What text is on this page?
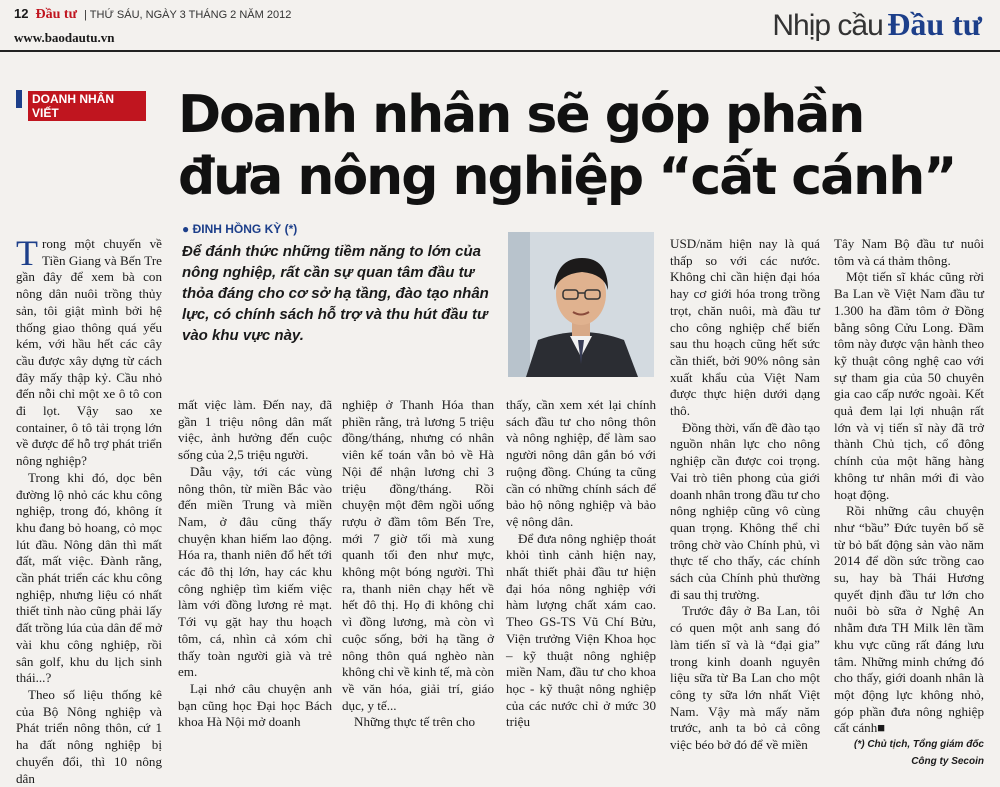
12 Đầu tư | THỨ SÁU, NGÀY 3 THÁNG 2 NĂM 2012
www.baodautu.vn	Nhịp cầu Đầu tư
DOANH NHÂN VIẾT	Doanh nhân sẽ góp phần
đưa nông nghiệp “cất cánh”
● ĐINH HỒNG KỲ (*)
Để đánh thức những tiềm năng to lớn của nông nghiệp, rất cần sự quan tâm đầu tư thỏa đáng cho cơ sở hạ tầng, đào tạo nhân lực, có chính sách hỗ trợ và thu hút đầu tư vào khu vực này.

Trong một chuyến về Tiền Giang và Bến Tre gần đây để xem bà con nông dân nuôi trồng thủy sản, tôi giật mình bởi hệ thống giao thông quá yếu kém, với hầu hết các cây cầu được xây dựng từ cách đây mấy thập kỷ. Cầu nhỏ đến nỗi chỉ một xe ô tô con đi lọt. Vậy sao xe container, ô tô tải trọng lớn về được để hỗ trợ phát triển nông nghiệp?

Trong khi đó, dọc bên đường lộ nhỏ các khu công nghiệp, trong đó, không ít khu đang bỏ hoang, cỏ mọc lút đầu. Nông dân thì mất đất, mất việc. Đành rằng, cần phát triển các khu công nghiệp, nhưng liệu có nhất thiết tỉnh nào cũng phải lấy đất trồng lúa của dân để mở vài khu công nghiệp, rồi sân golf, khu du lịch sinh thái...?

Theo số liệu thống kê của Bộ Nông nghiệp và Phát triển nông thôn, cứ 1 ha đất nông nghiệp bị chuyển đổi, thì 10 nông dân

mất việc làm. Đến nay, đã gần 1 triệu nông dân mất việc, ảnh hưởng đến cuộc sống của 2,5 triệu người.

Dẫu vậy, tới các vùng nông thôn, từ miền Bắc vào đến miền Trung và miền Nam, ở đâu cũng thấy chuyện khan hiếm lao động. Hóa ra, thanh niên đổ hết tới các đô thị lớn, hay các khu công nghiệp tìm kiếm việc làm với đồng lương rẻ mạt. Tới vụ gặt hay thu hoạch tôm, cá, nhìn cả xóm chỉ thấy toàn người già và trẻ em.

Lại nhớ câu chuyện anh bạn cũng học Đại học Bách khoa Hà Nội mở doanh

nghiệp ở Thanh Hóa than phiền rằng, trả lương 5 triệu đồng/tháng, nhưng có nhân viên kế toán vẫn bỏ về Hà Nội để nhận lương chỉ 3 triệu đồng/tháng. Rồi chuyện một đêm ngồi uống rượu ở đầm tôm Bến Tre, mới 7 giờ tối mà xung quanh tối đen như mực, không một bóng người. Thì ra, thanh niên chạy hết về hết đô thị. Họ đi không chỉ vì đồng lương, mà còn vì cuộc sống, bởi hạ tầng ở nông thôn quá nghèo nàn không chỉ về kinh tế, mà còn về văn hóa, giải trí, giáo dục, y tế...

Những thực tế trên cho

thấy, cần xem xét lại chính sách đầu tư cho nông thôn và nông nghiệp, để làm sao người nông dân gắn bó với ruộng đồng. Chúng ta cũng cần có những chính sách để bảo hộ nông nghiệp và bảo vệ nông dân.

Để đưa nông nghiệp thoát khỏi tình cảnh hiện nay, nhất thiết phải đầu tư hiện đại hóa nông nghiệp với hàm lượng chất xám cao. Theo GS-TS Vũ Chí Bửu, Viện trưởng Viện Khoa học – kỹ thuật nông nghiệp miền Nam, đầu tư cho khoa học - kỹ thuật nông nghiệp của các nước chỉ ở mức 30 triệu

USD/năm hiện nay là quá thấp so với các nước. Không chỉ cần hiện đại hóa hay cơ giới hóa trong trồng trọt, chăn nuôi, mà đầu tư cho công nghiệp chế biến sau thu hoạch cũng hết sức cần thiết, bởi 90% nông sản xuất khẩu của Việt Nam được thực hiện dưới dạng thô.

Đồng thời, vấn đề đào tạo nguồn nhân lực cho nông nghiệp cần được coi trọng. Vai trò tiên phong của giới doanh nhân trong đầu tư cho nông nghiệp cũng vô cùng quan trọng. Không thể chỉ trông chờ vào Chính phủ, vì thực tế cho thấy, các chính sách của Chính phủ thường đi sau thị trường.

Trước đây ở Ba Lan, tôi có quen một anh sang đó làm tiến sĩ và là “đại gia” trong kinh doanh nguyên liệu sữa từ Ba Lan cho một công ty sữa lớn nhất Việt Nam. Vậy mà mấy năm trước, anh ta bỏ cả công việc béo bở đó để về miền

Tây Nam Bộ đầu tư nuôi tôm và cá thảm thông.

Một tiến sĩ khác cũng rời Ba Lan về Việt Nam đầu tư 1.300 ha đầm tôm ở Đồng bằng sông Cửu Long. Đầm tôm này được vận hành theo kỹ thuật công nghệ cao với sự tham gia của 50 chuyên gia cao cấp nước ngoài. Kết quả đem lại lợi nhuận rất lớn và vị tiến sĩ này đã trở thành Chủ tịch, cổ đông chính của một hãng hàng không tư nhân mới đi vào hoạt động.

Rồi những câu chuyện như “bầu” Đức tuyên bố sẽ từ bỏ bất động sản vào năm 2014 để dồn sức trồng cao su, hay bà Thái Hương quyết định đầu tư lớn cho nuôi bò sữa ở Nghệ An nhằm đưa TH Milk lên tầm khu vực cũng rất đáng lưu tâm. Những minh chứng đó cho thấy, giới doanh nhân là một động lực không nhỏ, góp phần đưa nông nghiệp cất cánh■

(*) Chủ tịch, Tổng giám đốc
Công ty Secoin
